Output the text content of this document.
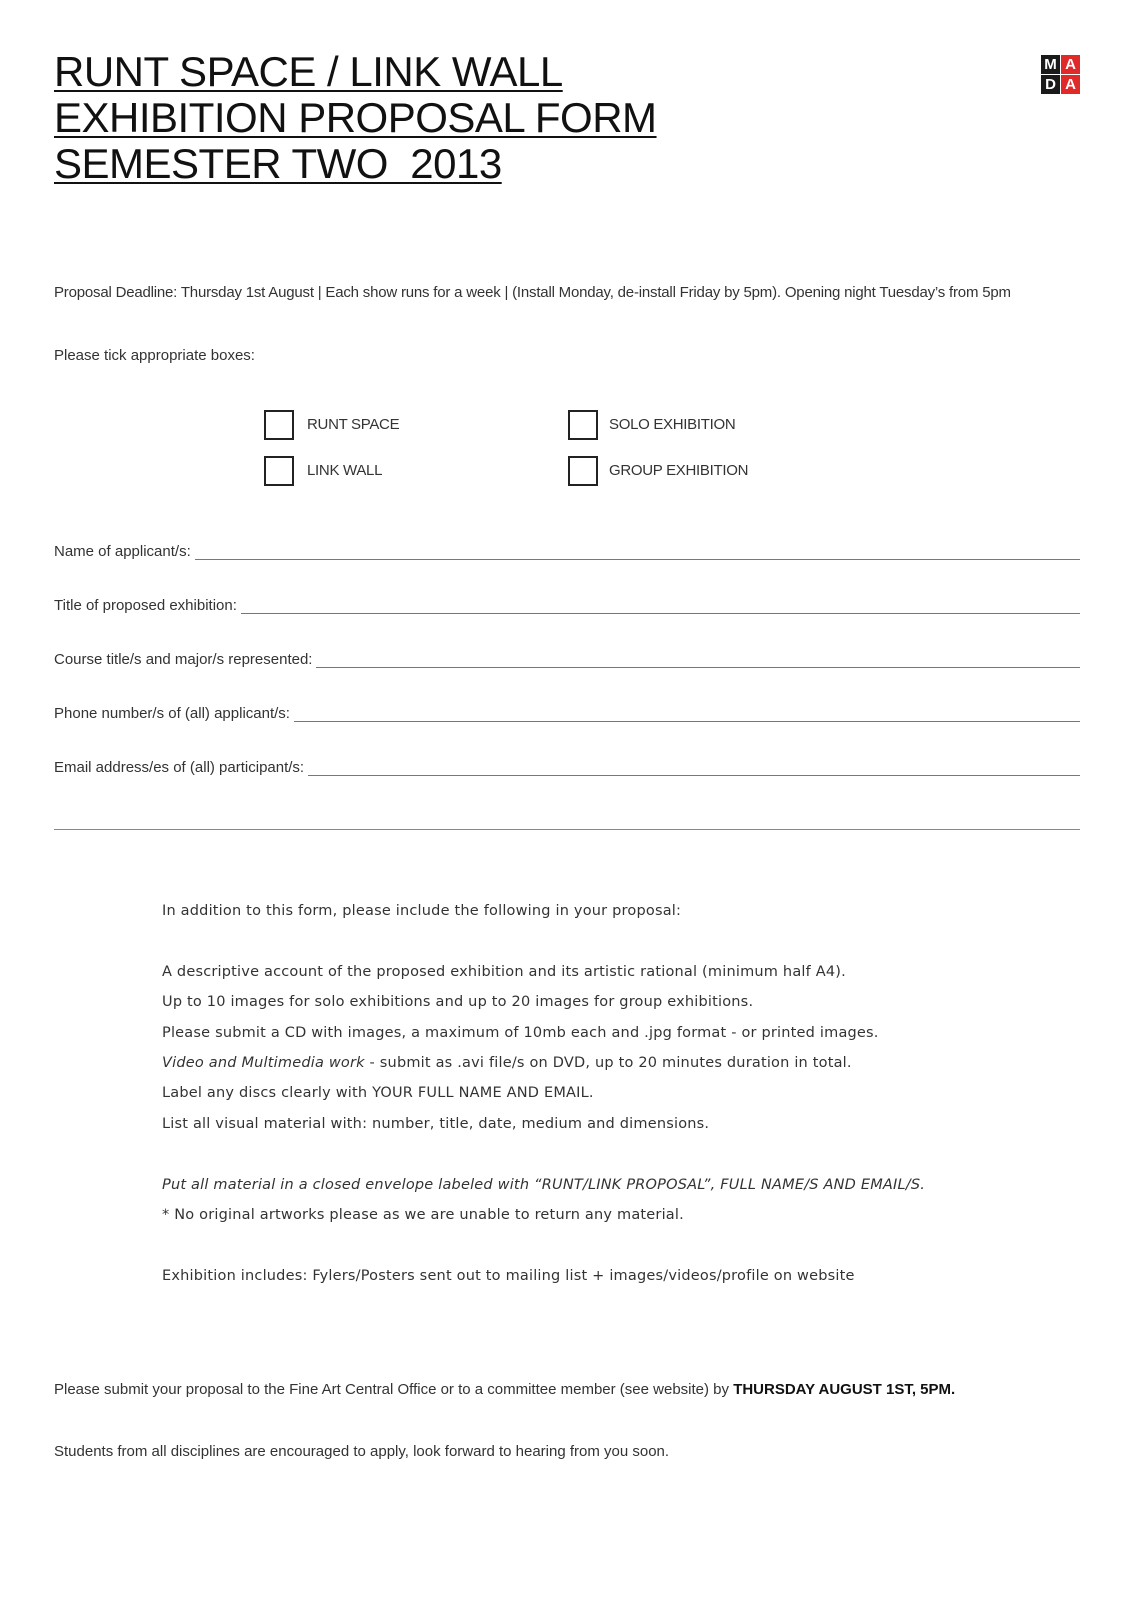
RUNT SPACE / LINK WALL
EXHIBITION PROPOSAL FORM
SEMESTER TWO  2013
M A
D A

Proposal Deadline: Thursday 1st August | Each show runs for a week | (Install Monday, de-install Friday by 5pm). Opening night Tuesday’s from 5pm

Please tick appropriate boxes:

RUNT SPACE
LINK WALL
SOLO EXHIBITION
GROUP EXHIBITION
Name of applicant/s:
Title of proposed exhibition:
Course title/s and major/s represented:
Phone number/s of (all) applicant/s:
Email address/es of (all) participant/s:
In addition to this form, please include the following in your proposal:
A descriptive account of the proposed exhibition and its artistic rational (minimum half A4).
Up to 10 images for solo exhibitions and up to 20 images for group exhibitions.
Please submit a CD with images, a maximum of 10mb each and .jpg format - or printed images.
Video and Multimedia work - submit as .avi file/s on DVD, up to 20 minutes duration in total.
Label any discs clearly with YOUR FULL NAME AND EMAIL.
List all visual material with: number, title, date, medium and dimensions.
Put all material in a closed envelope labeled with “RUNT/LINK PROPOSAL”, FULL NAME/S AND EMAIL/S.
* No original artworks please as we are unable to return any material.
Exhibition includes: Fylers/Posters sent out to mailing list + images/videos/profile on website
Please submit your proposal to the Fine Art Central Office or to a committee member (see website) by THURSDAY AUGUST 1ST, 5PM.
Students from all disciplines are encouraged to apply, look forward to hearing from you soon.
